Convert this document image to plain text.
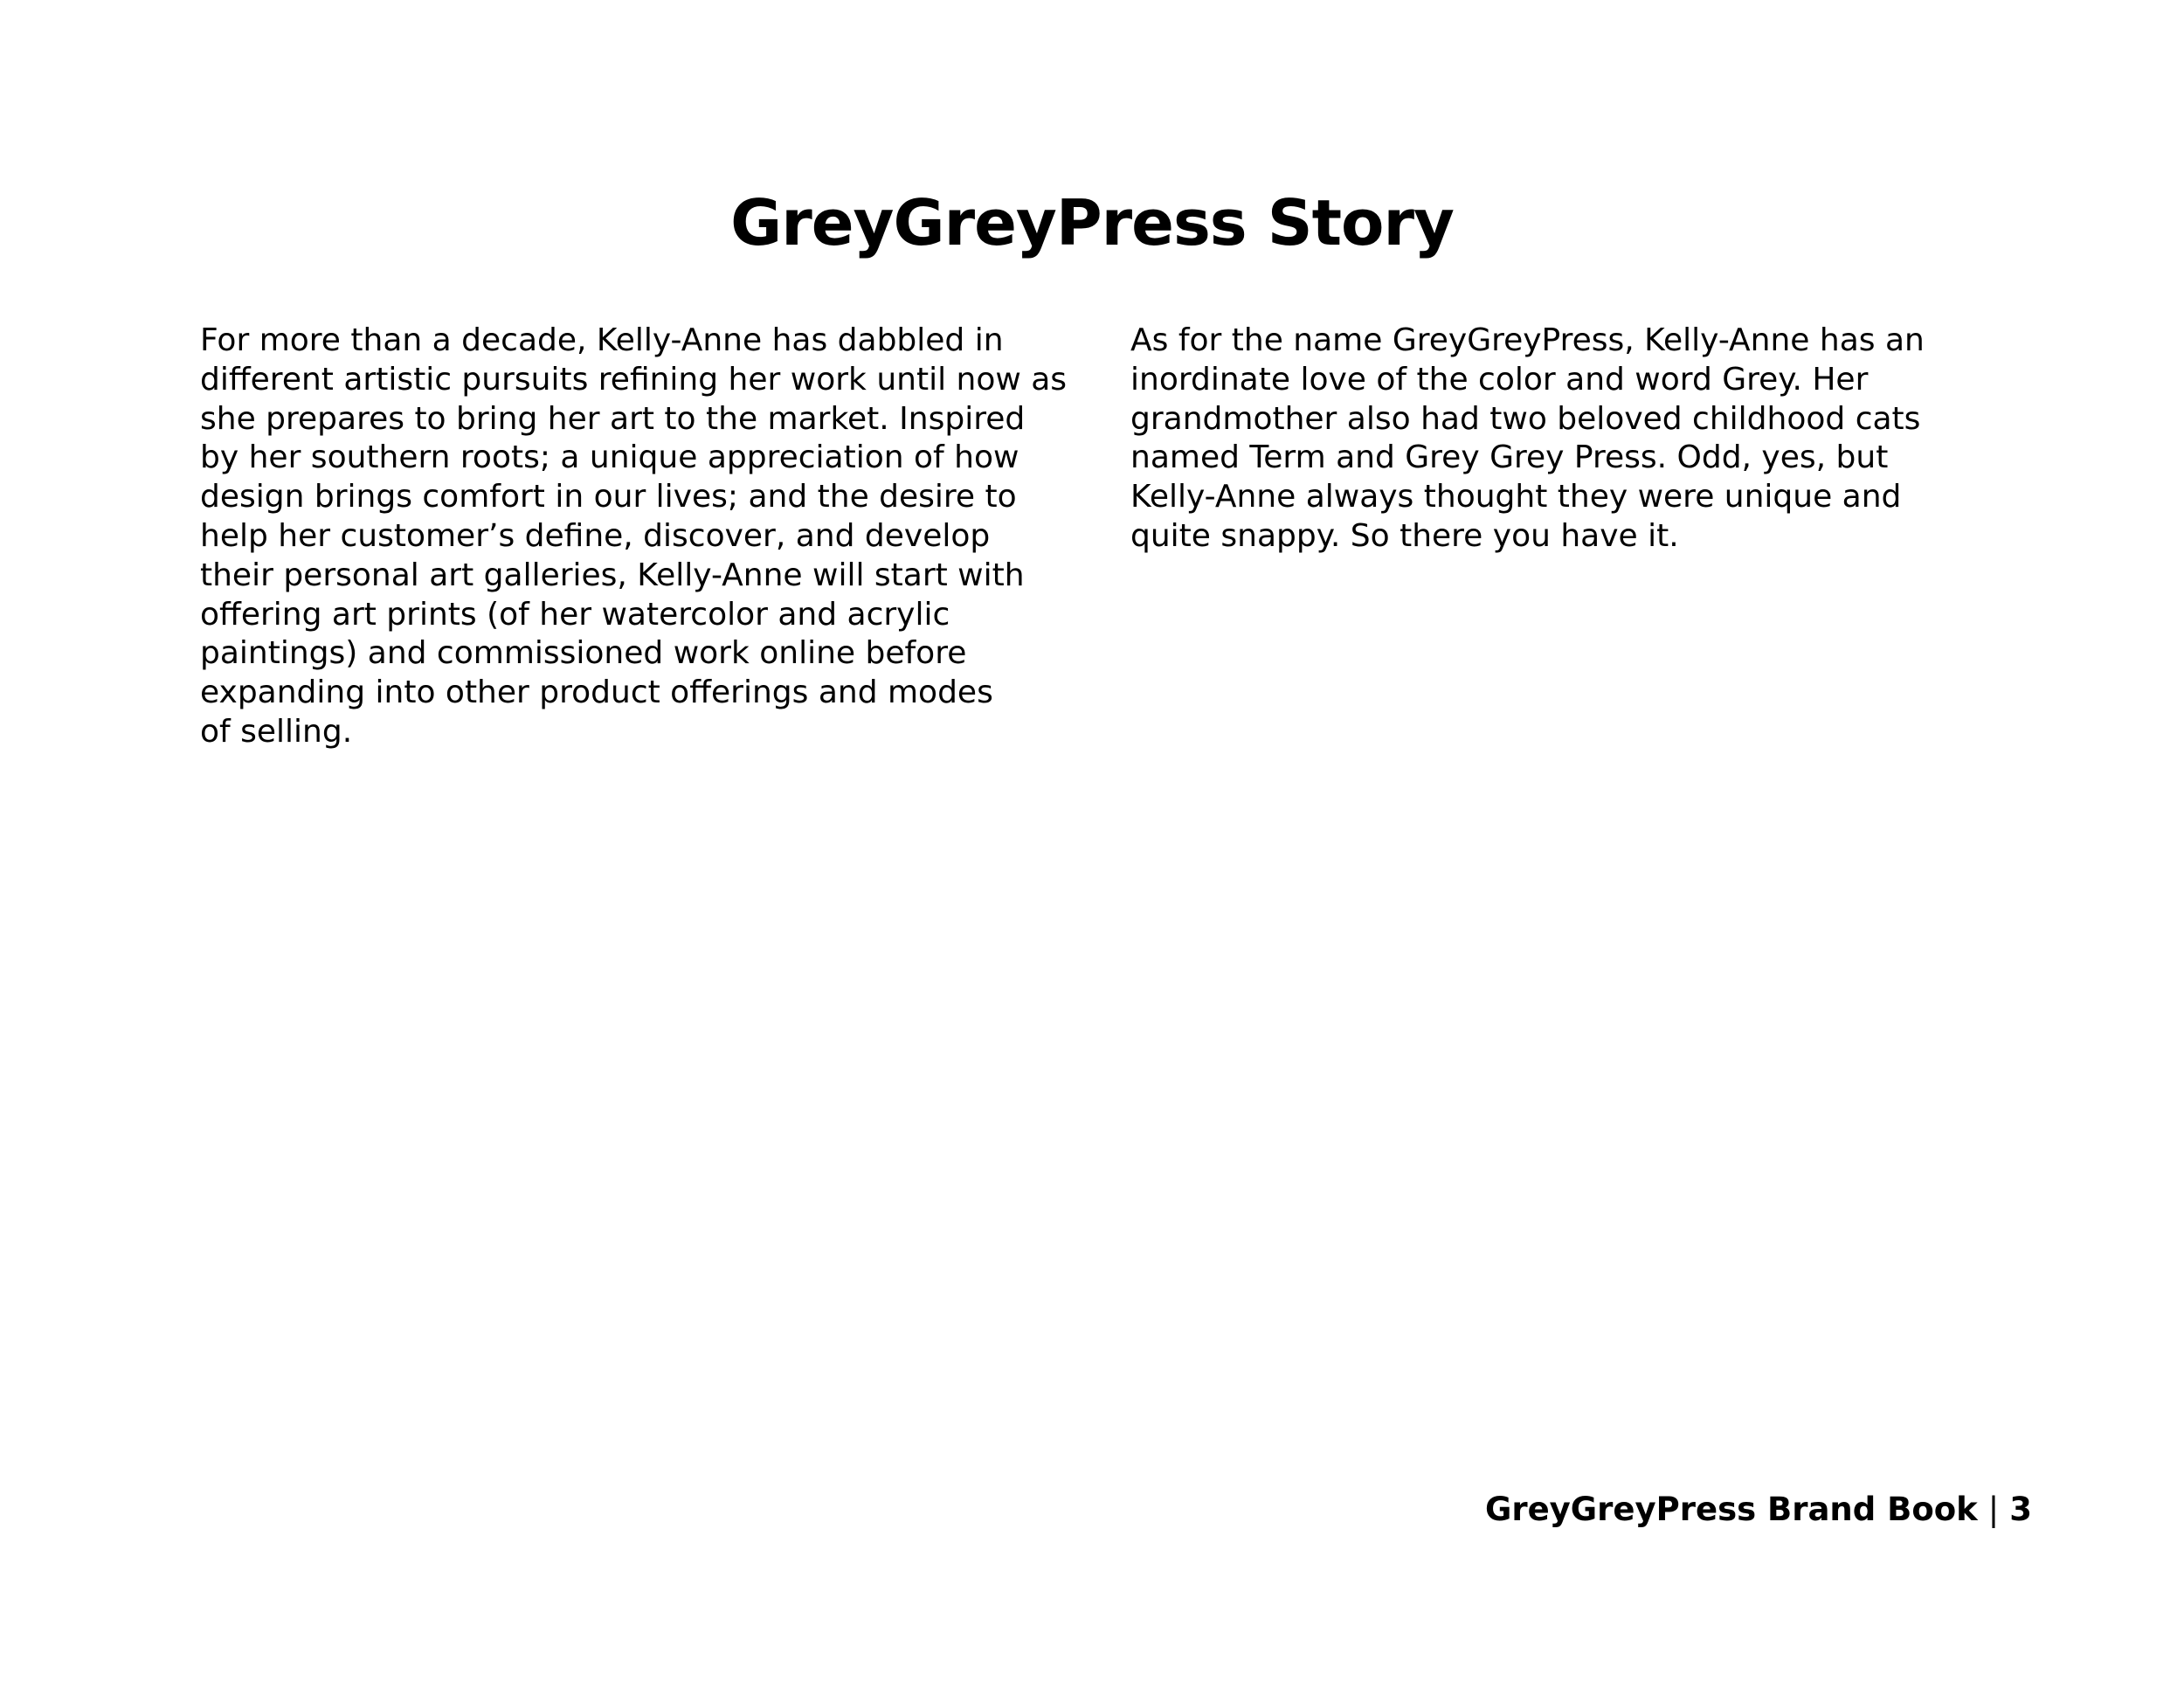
GreyGreyPress Story
For more than a decade, Kelly-Anne has dabbled in
different artistic pursuits refining her work until now as
she prepares to bring her art to the market. Inspired
by her southern roots; a unique appreciation of how
design brings comfort in our lives; and the desire to
help her customer’s define, discover, and develop
their personal art galleries, Kelly-Anne will start with
offering art prints (of her watercolor and acrylic
paintings) and commissioned work online before
expanding into other product offerings and modes
of selling.
As for the name GreyGreyPress, Kelly-Anne has an
inordinate love of the color and word Grey. Her
grandmother also had two beloved childhood cats
named Term and Grey Grey Press. Odd, yes, but
Kelly-Anne always thought they were unique and
quite snappy. So there you have it.
GreyGreyPress Brand Book | 3
